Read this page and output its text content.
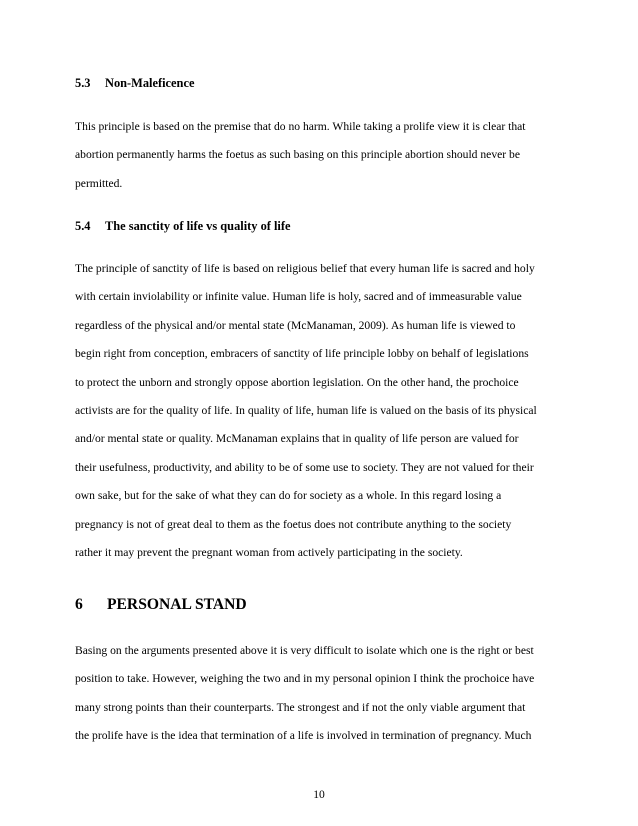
5.3 Non-Maleficence
This principle is based on the premise that do no harm. While taking a prolife view it is clear that
abortion permanently harms the foetus as such basing on this principle abortion should never be
permitted.
5.4 The sanctity of life vs quality of life
The principle of sanctity of life is based on religious belief that every human life is sacred and holy
with certain inviolability or infinite value. Human life is holy, sacred and of immeasurable value
regardless of the physical and/or mental state (McManaman, 2009). As human life is viewed to
begin right from conception, embracers of sanctity of life principle lobby on behalf of legislations
to protect the unborn and strongly oppose abortion legislation. On the other hand, the prochoice
activists are for the quality of life. In quality of life, human life is valued on the basis of its physical
and/or mental state or quality. McManaman explains that in quality of life person are valued for
their usefulness, productivity, and ability to be of some use to society. They are not valued for their
own sake, but for the sake of what they can do for society as a whole. In this regard losing a
pregnancy is not of great deal to them as the foetus does not contribute anything to the society
rather it may prevent the pregnant woman from actively participating in the society.
6 PERSONAL STAND
Basing on the arguments presented above it is very difficult to isolate which one is the right or best
position to take. However, weighing the two and in my personal opinion I think the prochoice have
many strong points than their counterparts. The strongest and if not the only viable argument that
the prolife have is the idea that termination of a life is involved in termination of pregnancy. Much
10
